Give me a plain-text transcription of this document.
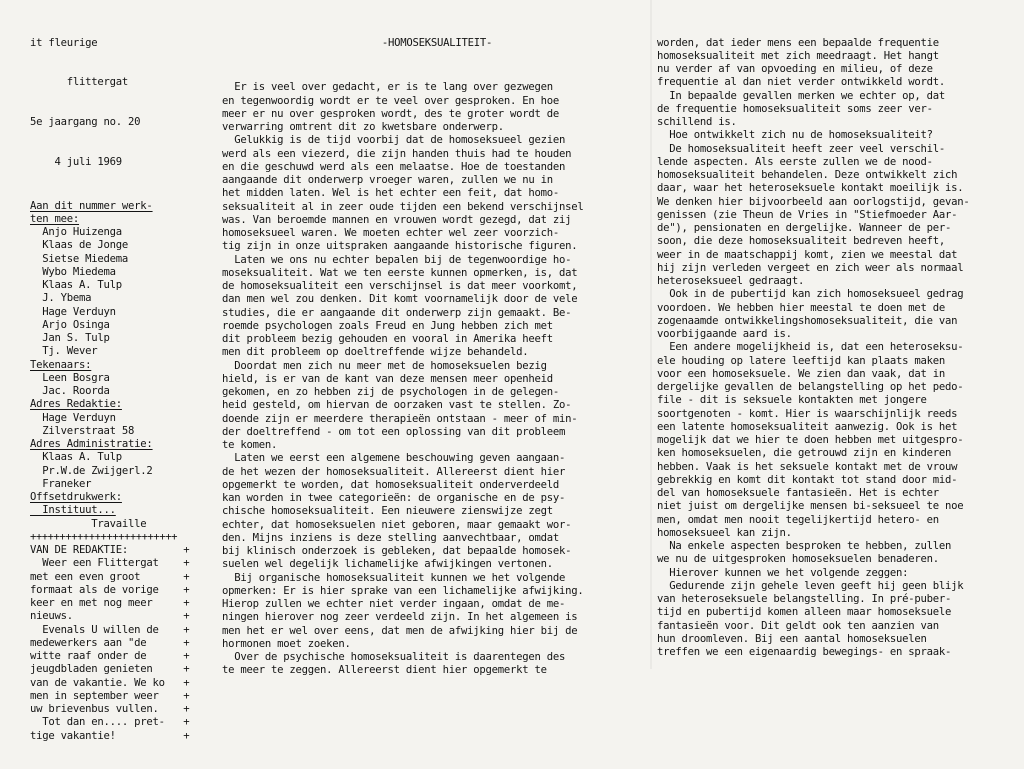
it fleurige

flittergat

5e jaargang no. 20

4 juli 1969

Aan dit nummer werk-
ten mee:
Anjo Huizenga
Klaas de Jonge
Sietse Miedema
Wybo Miedema
Klaas A. Tulp
J. Ybema
Hage Verduyn
Arjo Osinga
Jan S. Tulp
Tj. Wever
Tekenaars:
Leen Bosgra
Jac. Roorda
Adres Redaktie:
Hage Verduyn
Zilverstraat 58
Adres Administratie:
Klaas A. Tulp
Pr.W.de Zwijgerl.2
Franeker
Offsetdrukwerk:
Instituut...
Travaille
+++++++++++++++++++++++++
VAN DE REDAKTIE:         +
Weer een Flittergat    +
met een even groot       +
formaat als de vorige    +
keer en met nog meer     +
nieuws.                  +
Evenals U willen de    +
medewerkers aan "de      +
witte raaf onder de      +
jeugdbladen genieten     +
van de vakantie. We ko   +
men in september weer    +
uw brievenbus vullen.    +
Tot dan en.... pret-   +
tige vakantie!           +

-HOMOSEKSUALITEIT-

Er is veel over gedacht, er is te lang over gezwegen
en tegenwoordig wordt er te veel over gesproken. En hoe
meer er nu over gesproken wordt, des te groter wordt de
verwarring omtrent dit zo kwetsbare onderwerp.
Gelukkig is de tijd voorbij dat de homoseksueel gezien
werd als een viezerd, die zijn handen thuis had te houden
en die geschuwd werd als een melaatse. Hoe de toestanden
aangaande dit onderwerp vroeger waren, zullen we nu in
het midden laten. Wel is het echter een feit, dat homo-
seksualiteit al in zeer oude tijden een bekend verschijnsel
was. Van beroemde mannen en vrouwen wordt gezegd, dat zij
homoseksueel waren. We moeten echter wel zeer voorzich-
tig zijn in onze uitspraken aangaande historische figuren.
Laten we ons nu echter bepalen bij de tegenwoordige ho-
moseksualiteit. Wat we ten eerste kunnen opmerken, is, dat
de homoseksualiteit een verschijnsel is dat meer voorkomt,
dan men wel zou denken. Dit komt voornamelijk door de vele
studies, die er aangaande dit onderwerp zijn gemaakt. Be-
roemde psychologen zoals Freud en Jung hebben zich met
dit probleem bezig gehouden en vooral in Amerika heeft
men dit probleem op doeltreffende wijze behandeld.
Doordat men zich nu meer met de homoseksuelen bezig
hield, is er van de kant van deze mensen meer openheid
gekomen, en zo hebben zij de psychologen in de gelegen-
heid gesteld, om hiervan de oorzaken vast te stellen. Zo-
doende zijn er meerdere therapieën ontstaan - meer of min-
der doeltreffend - om tot een oplossing van dit probleem
te komen.
Laten we eerst een algemene beschouwing geven aangaan-
de het wezen der homoseksualiteit. Allereerst dient hier
opgemerkt te worden, dat homoseksualiteit onderverdeeld
kan worden in twee categorieën: de organische en de psy-
chische homoseksualiteit. Een nieuwere zienswijze zegt
echter, dat homoseksuelen niet geboren, maar gemaakt wor-
den. Mijns inziens is deze stelling aanvechtbaar, omdat
bij klinisch onderzoek is gebleken, dat bepaalde homosek-
suelen wel degelijk lichamelijke afwijkingen vertonen.
Bij organische homoseksualiteit kunnen we het volgende
opmerken: Er is hier sprake van een lichamelijke afwijking.
Hierop zullen we echter niet verder ingaan, omdat de me-
ningen hierover nog zeer verdeeld zijn. In het algemeen is
men het er wel over eens, dat men de afwijking hier bij de
hormonen moet zoeken.
Over de psychische homoseksualiteit is daarentegen des
te meer te zeggen. Allereerst dient hier opgemerkt te

worden, dat ieder mens een bepaalde frequentie
homoseksualiteit met zich meedraagt. Het hangt
nu verder af van opvoeding en milieu, of deze
frequentie al dan niet verder ontwikkeld wordt.
In bepaalde gevallen merken we echter op, dat
de frequentie homoseksualiteit soms zeer ver-
schillend is.
Hoe ontwikkelt zich nu de homoseksualiteit?
De homoseksualiteit heeft zeer veel verschil-
lende aspecten. Als eerste zullen we de nood-
homoseksualiteit behandelen. Deze ontwikkelt zich
daar, waar het heteroseksuele kontakt moeilijk is.
We denken hier bijvoorbeeld aan oorlogstijd, gevan-
genissen (zie Theun de Vries in "Stiefmoeder Aar-
de"), pensionaten en dergelijke. Wanneer de per-
soon, die deze homoseksualiteit bedreven heeft,
weer in de maatschappij komt, zien we meestal dat
hij zijn verleden vergeet en zich weer als normaal
heteroseksueel gedraagt.
Ook in de pubertijd kan zich homoseksueel gedrag
voordoen. We hebben hier meestal te doen met de
zogenaamde ontwikkelingshomoseksualiteit, die van
voorbijgaande aard is.
Een andere mogelijkheid is, dat een heteroseksu-
ele houding op latere leeftijd kan plaats maken
voor een homoseksuele. We zien dan vaak, dat in
dergelijke gevallen de belangstelling op het pedo-
file - dit is seksuele kontakten met jongere
soortgenoten - komt. Hier is waarschijnlijk reeds
een latente homoseksualiteit aanwezig. Ook is het
mogelijk dat we hier te doen hebben met uitgespro-
ken homoseksuelen, die getrouwd zijn en kinderen
hebben. Vaak is het seksuele kontakt met de vrouw
gebrekkig en komt dit kontakt tot stand door mid-
del van homoseksuele fantasieën. Het is echter
niet juist om dergelijke mensen bi-seksueel te noe
men, omdat men nooit tegelijkertijd hetero- en
homoseksueel kan zijn.
Na enkele aspecten besproken te hebben, zullen
we nu de uitgesproken homoseksuelen benaderen.
Hierover kunnen we het volgende zeggen:
Gedurende zijn gehele leven geeft hij geen blijk
van heteroseksuele belangstelling. In pré-puber-
tijd en pubertijd komen alleen maar homoseksuele
fantasieën voor. Dit geldt ook ten aanzien van
hun droomleven. Bij een aantal homoseksuelen
treffen we een eigenaardig bewegings- en spraak-
